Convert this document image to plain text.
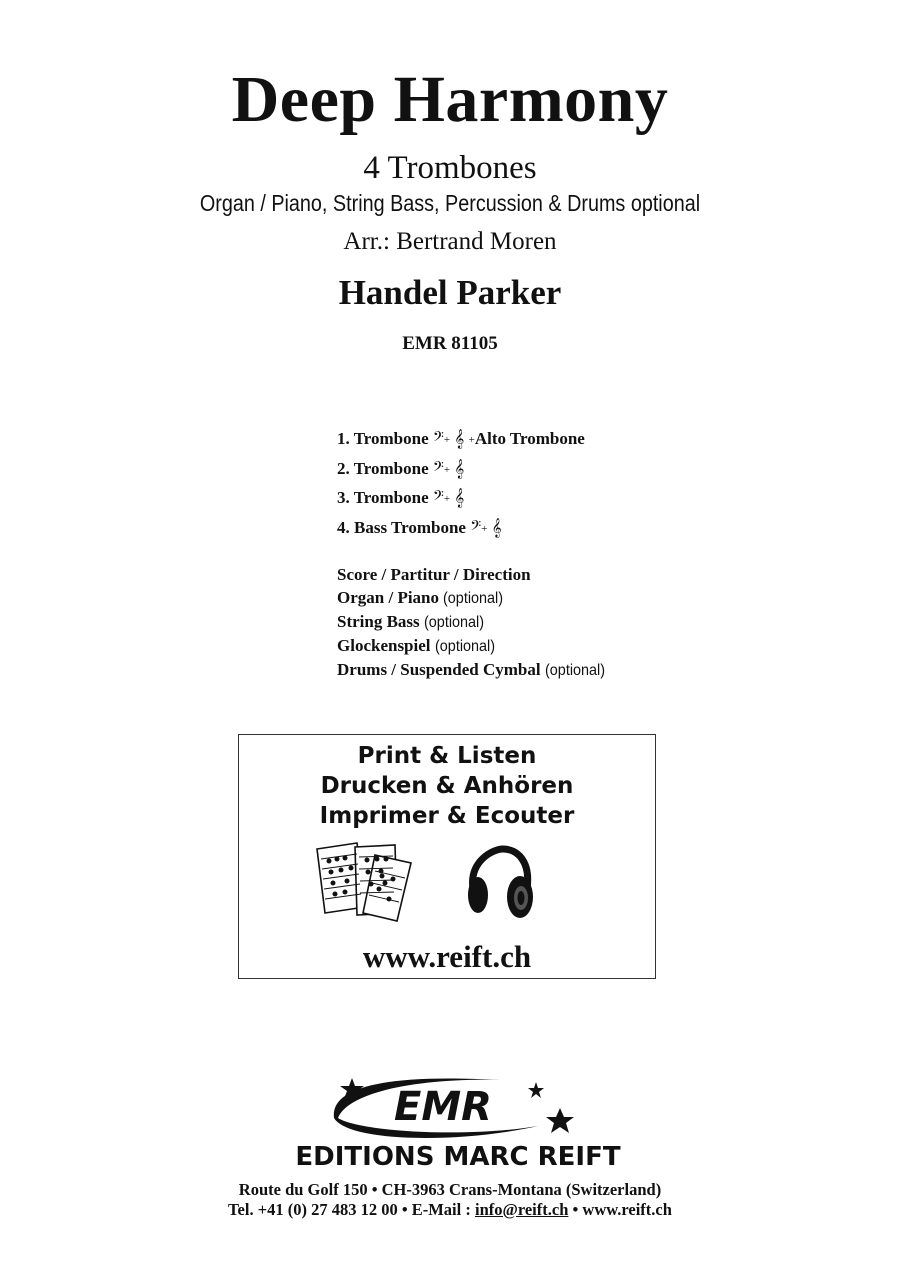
Deep Harmony
4 Trombones
Organ / Piano, String Bass, Percussion & Drums optional
Arr.: Bertrand Moren
Handel Parker
EMR 81105
1. Trombone 𝄢+ 𝄞 +Alto Trombone
2. Trombone 𝄢+ 𝄞
3. Trombone 𝄢+ 𝄞
4. Bass Trombone 𝄢+ 𝄞
Score / Partitur / Direction
Organ / Piano (optional)
String Bass (optional)
Glockenspiel (optional)
Drums / Suspended Cymbal (optional)
Print & Listen
Drucken & Anhören
Imprimer & Ecouter
www.reift.ch
EMR
EDITIONS MARC REIFT
Route du Golf 150 • CH-3963 Crans-Montana (Switzerland)
Tel. +41 (0) 27 483 12 00 • E-Mail : info@reift.ch • www.reift.ch
